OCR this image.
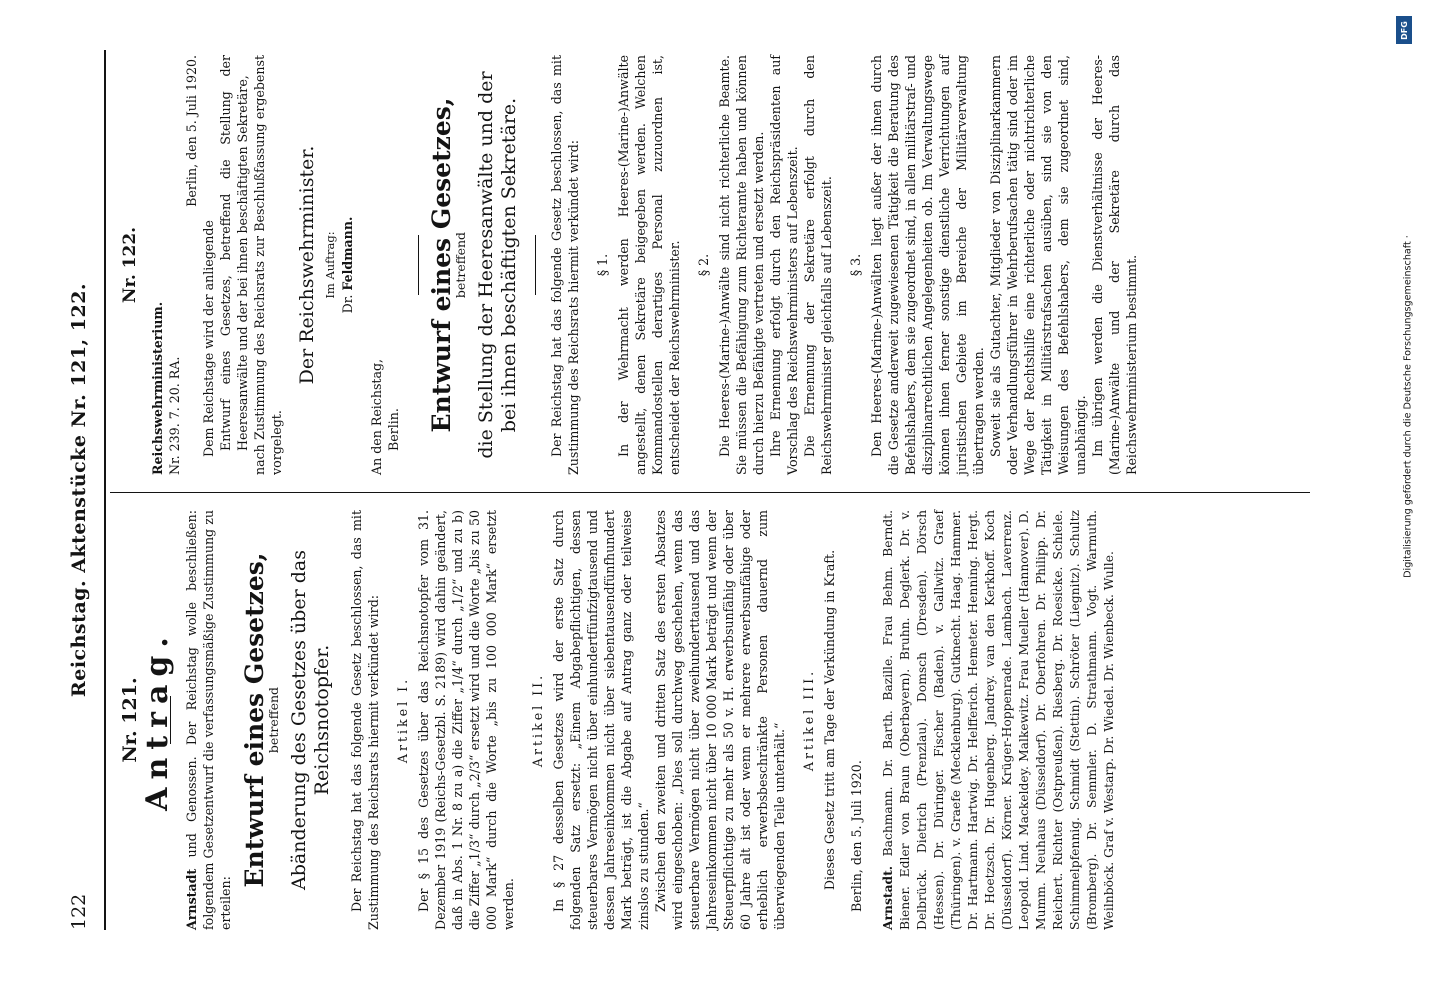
122
Reichstag. Aktenstücke Nr. 121, 122.

Nr. 121. Antrag.

Arnstadt und Genossen. Der Reichstag wolle beschließen: folgendem Gesetzentwurf die verfassungsmäßige Zustimmung zu erteilen:

Entwurf eines Gesetzes,

betreffend Abänderung des Gesetzes über das Reichsnotopfer. Der Reichstag hat das folgende Gesetz beschlossen, das mit Zustimmung des Reichsrats hiermit verkündet wird: Artikel I. Der § 15 des Gesetzes über das Reichsnotopfer vom 31. Dezember 1919 (Reichs-Gesetzbl. S. 2189) wird dahin geändert, daß in Abs. 1 Nr. 8 zu a) die Ziffer „1/4“ durch „1/2“ und zu b) die Ziffer „1/3“ durch „2/3“ ersetzt wird und die Worte „bis zu 50 000 Mark“ durch die Worte „bis zu 100 000 Mark“ ersetzt werden.

Artikel II. In § 27 desselben Gesetzes wird der erste Satz durch folgenden Satz ersetzt: „Einem Abgabepflichtigen, dessen steuerbares Vermögen nicht über einhundertfünfzigtausend und dessen Jahreseinkommen nicht über siebentausendfünfhundert Mark beträgt, ist die Abgabe auf Antrag ganz oder teilweise zinslos zu stunden.“ Zwischen den zweiten und dritten Satz des ersten Absatzes wird eingeschoben: „Dies soll durchweg geschehen, wenn das steuerbare Vermögen nicht über zweihunderttausend und das Jahreseinkommen nicht über 10 000 Mark beträgt und wenn der Steuerpflichtige zu mehr als 50 v. H. erwerbsunfähig oder über 60 Jahre alt ist oder wenn er mehrere erwerbsunfähige oder erheblich erwerbsbeschränkte Personen dauernd zum überwiegenden Teile unterhält.“

Artikel III. Dieses Gesetz tritt am Tage der Verkündung in Kraft. Berlin, den 5. Juli 1920. Arnstadt. Bachmann. Dr. Barth. Bazille. Frau Behm. Berndt. Biener. Edler von Braun (Oberbayern). Bruhn. Deglerk. Dr. v. Delbrück. Dietrich (Prenzlau). Domsch (Dresden). Dörsch (Hessen). Dr. Düringer. Fischer (Baden). v. Gallwitz. Graef (Thüringen). v. Graefe (Mecklenburg). Gutknecht. Haag. Hammer. Dr. Hartmann. Hartwig. Dr. Helfferich. Hemeter. Henning. Hergt. Dr. Hoetzsch. Dr. Hugenberg. Jandrey. van den Kerkhoff. Koch (Düsseldorf). Körner. Krüger-Hoppenrade. Lambach. Laverrenz. Leopold. Lind. Mackeldey. Malkewitz. Frau Mueller (Hannover). D. Mumm. Neuhaus (Düsseldorf). Dr. Oberfohren. Dr. Philipp. Dr. Reichert. Richter (Ostpreußen). Riesberg. Dr. Roesicke. Schiele. Schimmelpfennig. Schmidt (Stettin). Schröter (Liegnitz). Schultz (Bromberg). Dr. Semmler. D. Strathmann. Vogt. Warmuth. Weilnböck. Graf v. Westarp. Dr. Wiedel. Dr. Wienbeck. Wulle.

Nr. 122.

Reichswehrministerium. Nr. 239. 7. 20. RA.

Berlin, den 5. Juli 1920.

Dem Reichstage wird der anliegende Entwurf eines Gesetzes, betreffend die Stellung der Heeresanwälte und der bei ihnen beschäftigten Sekretäre, nach Zustimmung des Reichsrats zur Beschlußfassung ergebenst vorgelegt.

Der Reichswehrminister. Im Auftrag:

Dr. Feldmann.

An den Reichstag, Berlin. Entwurf eines Gesetzes,

betreffend die Stellung der Heeresanwälte und der bei ihnen beschäftigten Sekretäre. Der Reichstag hat das folgende Gesetz beschlossen, das mit Zustimmung des Reichsrats hiermit verkündet wird: § 1. In der Wehrmacht werden Heeres-(Marine-)Anwälte angestellt, denen Sekretäre beigegeben werden. Welchen Kommandostellen derartiges Personal zuzuordnen ist, entscheidet der Reichswehrminister. § 2. Die Heeres-(Marine-)Anwälte sind nicht richterliche Beamte. Sie müssen die Befähigung zum Richteramte haben und können durch hierzu Befähigte vertreten und ersetzt werden. Ihre Ernennung erfolgt durch den Reichspräsidenten auf Vorschlag des Reichswehrministers auf Lebenszeit. Die Ernennung der Sekretäre erfolgt durch den Reichswehrminister gleichfalls auf Lebenszeit. § 3. Den Heeres-(Marine-)Anwälten liegt außer der ihnen durch die Gesetze anderweit zugewiesenen Tätigkeit die Beratung des Befehlshabers, dem sie zugeordnet sind, in allen militärstraf- und disziplinarrechtlichen Angelegenheiten ob. Im Verwaltungswege können ihnen ferner sonstige dienstliche Verrichtungen auf juristischen Gebiete im Bereiche der Militärverwaltung übertragen werden. Soweit sie als Gutachter, Mitglieder von Disziplinarkammern oder Verhandlungsführer in Wehrberufsachen tätig sind oder im Wege der Rechtshilfe eine richterliche oder nichtrichterliche Tätigkeit in Militärstrafsachen ausüben, sind sie von den Weisungen des Befehlshabers, dem sie zugeordnet sind, unabhängig. Im übrigen werden die Dienstverhältnisse der Heeres-(Marine-)Anwälte und der Sekretäre durch das Reichswehrministerium bestimmt.

DFG
Digitalisierung gefördert durch die Deutsche Forschungsgemeinschaft ·
